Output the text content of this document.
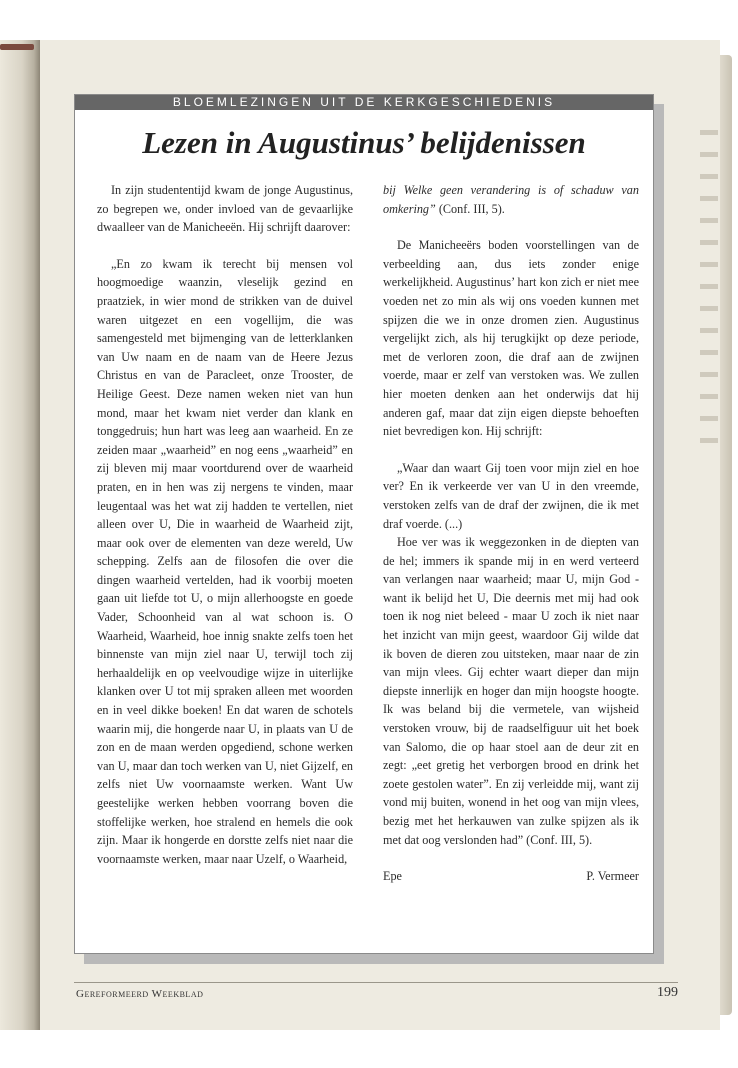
BLOEMLEZINGEN UIT DE KERKGESCHIEDENIS
Lezen in Augustinus’ belijdenissen

In zijn studententijd kwam de jonge Augustinus, zo begrepen we, onder invloed van de gevaarlijke dwaalleer van de Manicheeën. Hij schrijft daarover:

„En zo kwam ik terecht bij mensen vol hoogmoedige waanzin, vleselijk gezind en praatziek, in wier mond de strikken van de duivel waren uitgezet en een vogellijm, die was samengesteld met bijmenging van de letterklanken van Uw naam en de naam van de Heere Jezus Christus en van de Paracleet, onze Trooster, de Heilige Geest. Deze namen weken niet van hun mond, maar het kwam niet verder dan klank en tonggedruis; hun hart was leeg aan waarheid. En ze zeiden maar „waarheid” en nog eens „waarheid” en zij bleven mij maar voortdurend over de waarheid praten, en in hen was zij nergens te vinden, maar leugentaal was het wat zij hadden te vertellen, niet alleen over U, Die in waarheid de Waarheid zijt, maar ook over de elementen van deze wereld, Uw schepping. Zelfs aan de filosofen die over die dingen waarheid vertelden, had ik voorbij moeten gaan uit liefde tot U, o mijn allerhoogste en goede Vader, Schoonheid van al wat schoon is. O Waarheid, Waarheid, hoe innig snakte zelfs toen het binnenste van mijn ziel naar U, terwijl toch zij herhaaldelijk en op veelvoudige wijze in uiterlijke klanken over U tot mij spraken alleen met woorden en in veel dikke boeken! En dat waren de schotels waarin mij, die hongerde naar U, in plaats van U de zon en de maan werden opgediend, schone werken van U, maar dan toch werken van U, niet Gijzelf, en zelfs niet Uw voornaamste werken. Want Uw geestelijke werken hebben voorrang boven die stoffelijke werken, hoe stralend en hemels die ook zijn. Maar ik hongerde en dorstte zelfs niet naar die voornaamste werken, maar naar Uzelf, o Waarheid,

bij Welke geen verandering is of schaduw van omkering” (Conf. III, 5).

De Manicheeërs boden voorstellingen van de verbeelding aan, dus iets zonder enige werkelijkheid. Augustinus’ hart kon zich er niet mee voeden net zo min als wij ons voeden kunnen met spijzen die we in onze dromen zien. Augustinus vergelijkt zich, als hij terugkijkt op deze periode, met de verloren zoon, die draf aan de zwijnen voerde, maar er zelf van verstoken was. We zullen hier moeten denken aan het onderwijs dat hij anderen gaf, maar dat zijn eigen diepste behoeften niet bevredigen kon. Hij schrijft:

„Waar dan waart Gij toen voor mijn ziel en hoe ver? En ik verkeerde ver van U in den vreemde, verstoken zelfs van de draf der zwijnen, die ik met draf voerde. (...)

Hoe ver was ik weggezonken in de diepten van de hel; immers ik spande mij in en werd verteerd van verlangen naar waarheid; maar U, mijn God - want ik belijd het U, Die deernis met mij had ook toen ik nog niet beleed - maar U zoch ik niet naar het inzicht van mijn geest, waardoor Gij wilde dat ik boven de dieren zou uitsteken, maar naar de zin van mijn vlees. Gij echter waart dieper dan mijn diepste innerlijk en hoger dan mijn hoogste hoogte. Ik was beland bij die vermetele, van wijsheid verstoken vrouw, bij de raadselfiguur uit het boek van Salomo, die op haar stoel aan de deur zit en zegt: „eet gretig het verborgen brood en drink het zoete gestolen water”. En zij verleidde mij, want zij vond mij buiten, wonend in het oog van mijn vlees, bezig met het herkauwen van zulke spijzen als ik met dat oog verslonden had” (Conf. III, 5).

Epe	P. Vermeer
Gereformeerd Weekblad	199
